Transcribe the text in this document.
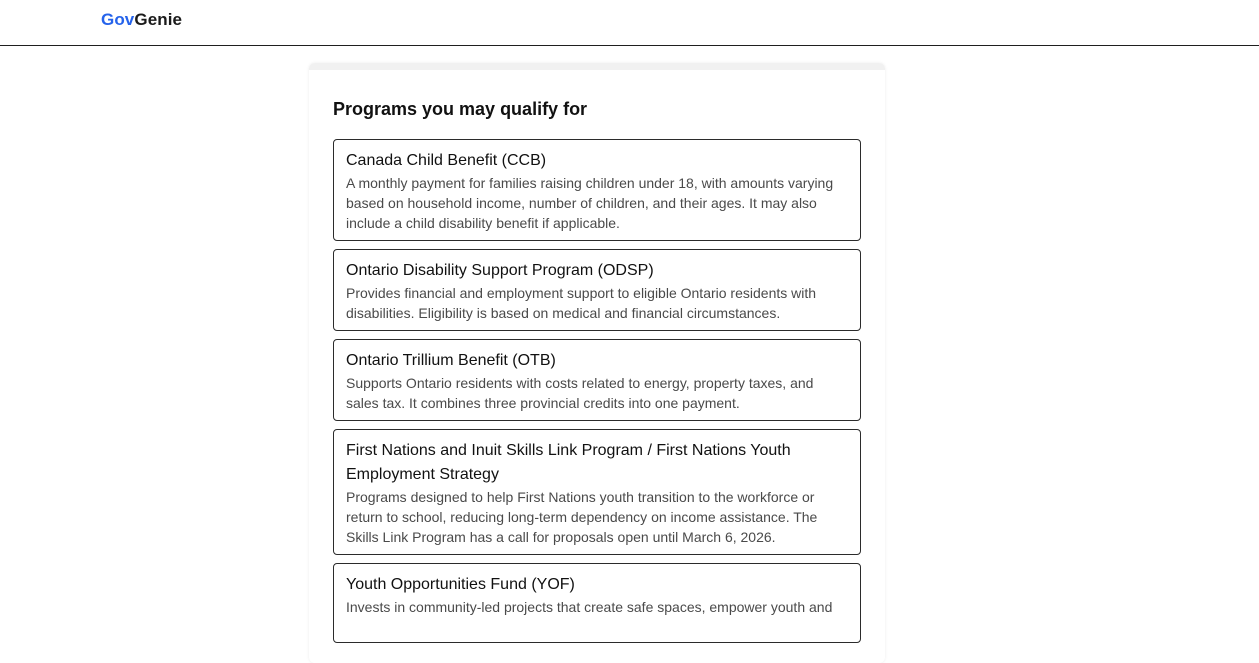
GovGenie
Programs you may qualify for

Canada Child Benefit (CCB)

A monthly payment for families raising children under 18, with amounts varying based on household income, number of children, and their ages. It may also include a child disability benefit if applicable.

Ontario Disability Support Program (ODSP)

Provides financial and employment support to eligible Ontario residents with disabilities. Eligibility is based on medical and financial circumstances.

Ontario Trillium Benefit (OTB)

Supports Ontario residents with costs related to energy, property taxes, and sales tax. It combines three provincial credits into one payment.

First Nations and Inuit Skills Link Program / First Nations Youth Employment Strategy

Programs designed to help First Nations youth transition to the workforce or return to school, reducing long-term dependency on income assistance. The Skills Link Program has a call for proposals open until March 6, 2026.

Youth Opportunities Fund (YOF)

Invests in community-led projects that create safe spaces, empower youth and
